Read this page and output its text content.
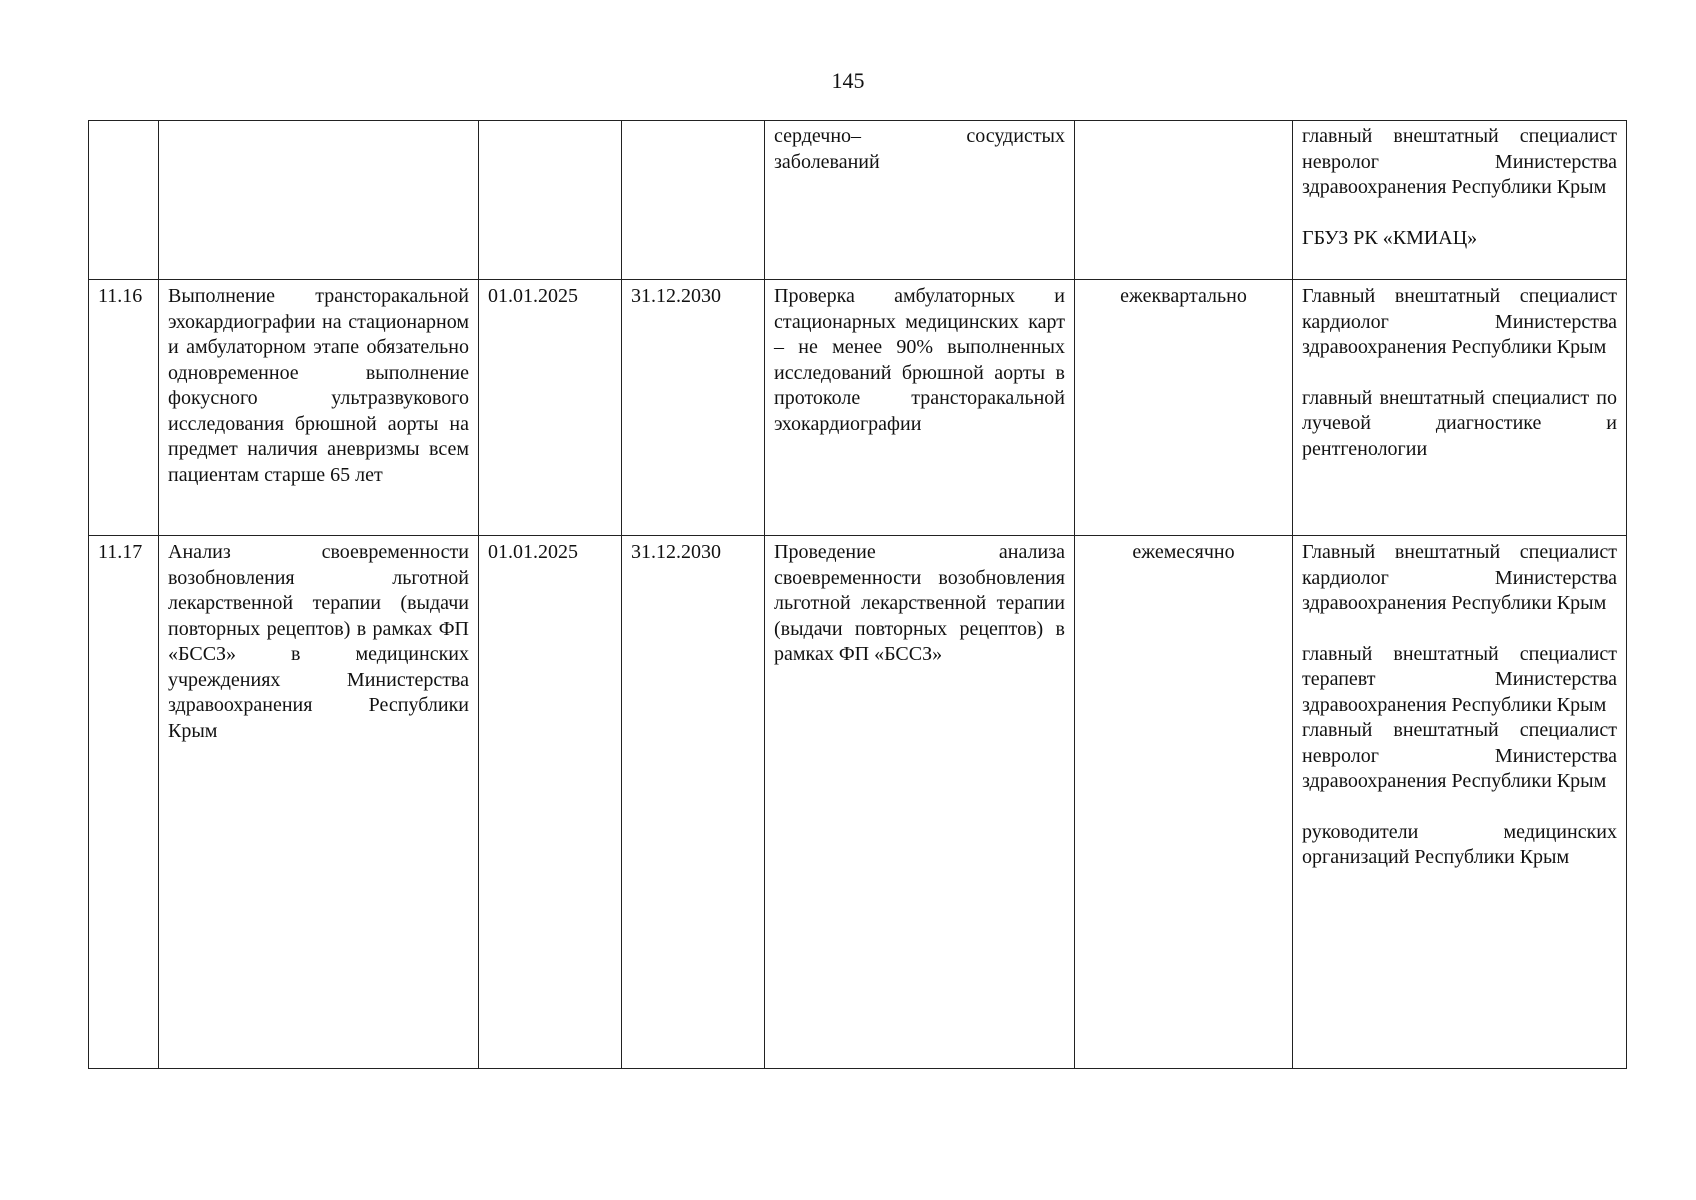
145
				сердечно– сосудистых заболеваний		главный внештатный специалист невролог Министерства здравоохранения Республики Крым
ГБУЗ РК «КМИАЦ»

11.16	Выполнение трансторакальной эхокардиографии на стационарном и амбулаторном этапе обязательно одновременное выполнение фокусного ультразвукового исследования брюшной аорты на предмет наличия аневризмы всем пациентам старше 65 лет	01.01.2025	31.12.2030	Проверка амбулаторных и стационарных медицинских карт – не менее 90% выполненных исследований брюшной аорты в протоколе трансторакальной эхокардиографии	ежеквартально	Главный внештатный специалист кардиолог Министерства здравоохранения Республики Крым
главный внештатный специалист по лучевой диагностике и рентгенологии

11.17	Анализ своевременности возобновления льготной лекарственной терапии (выдачи повторных рецептов) в рамках ФП «БССЗ» в медицинских учреждениях Министерства здравоохранения Республики Крым	01.01.2025	31.12.2030	Проведение анализа своевременности возобновления льготной лекарственной терапии (выдачи повторных рецептов) в рамках ФП «БССЗ»	ежемесячно	Главный внештатный специалист кардиолог Министерства здравоохранения Республики Крым
главный внештатный специалист терапевт Министерства здравоохранения Республики Крым
главный внештатный специалист невролог Министерства здравоохранения Республики Крым
руководители медицинских организаций Республики Крым
